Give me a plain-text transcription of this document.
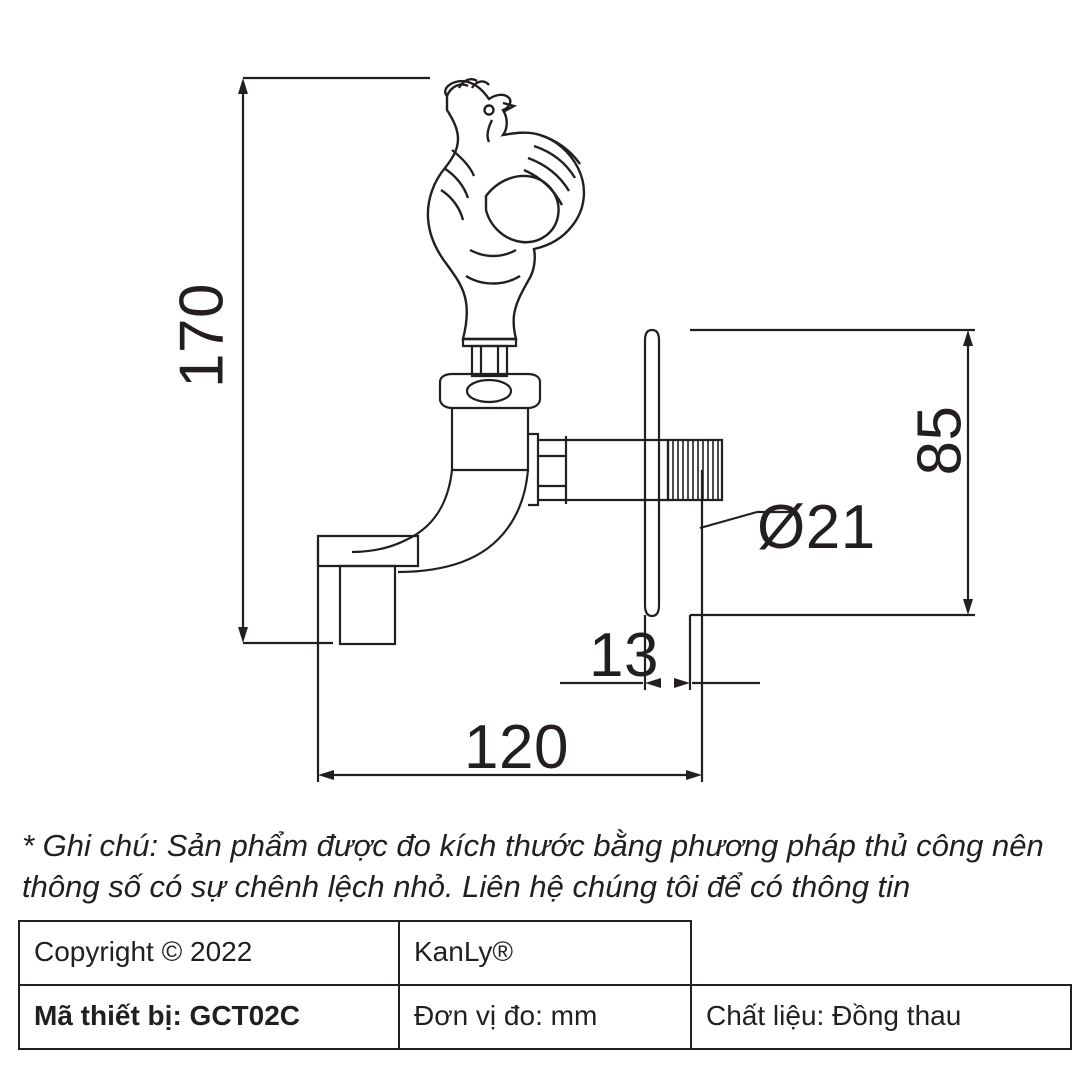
170
85
Ø21
13
120
* Ghi chú: Sản phẩm được đo kích thước bằng phương pháp thủ công nên thông số có sự chênh lệch nhỏ. Liên hệ chúng tôi để có thông tin
Copyright © 2022	KanLy®	
Mã thiết bị: GCT02C	Đơn vị đo: mm	Chất liệu: Đồng thau
